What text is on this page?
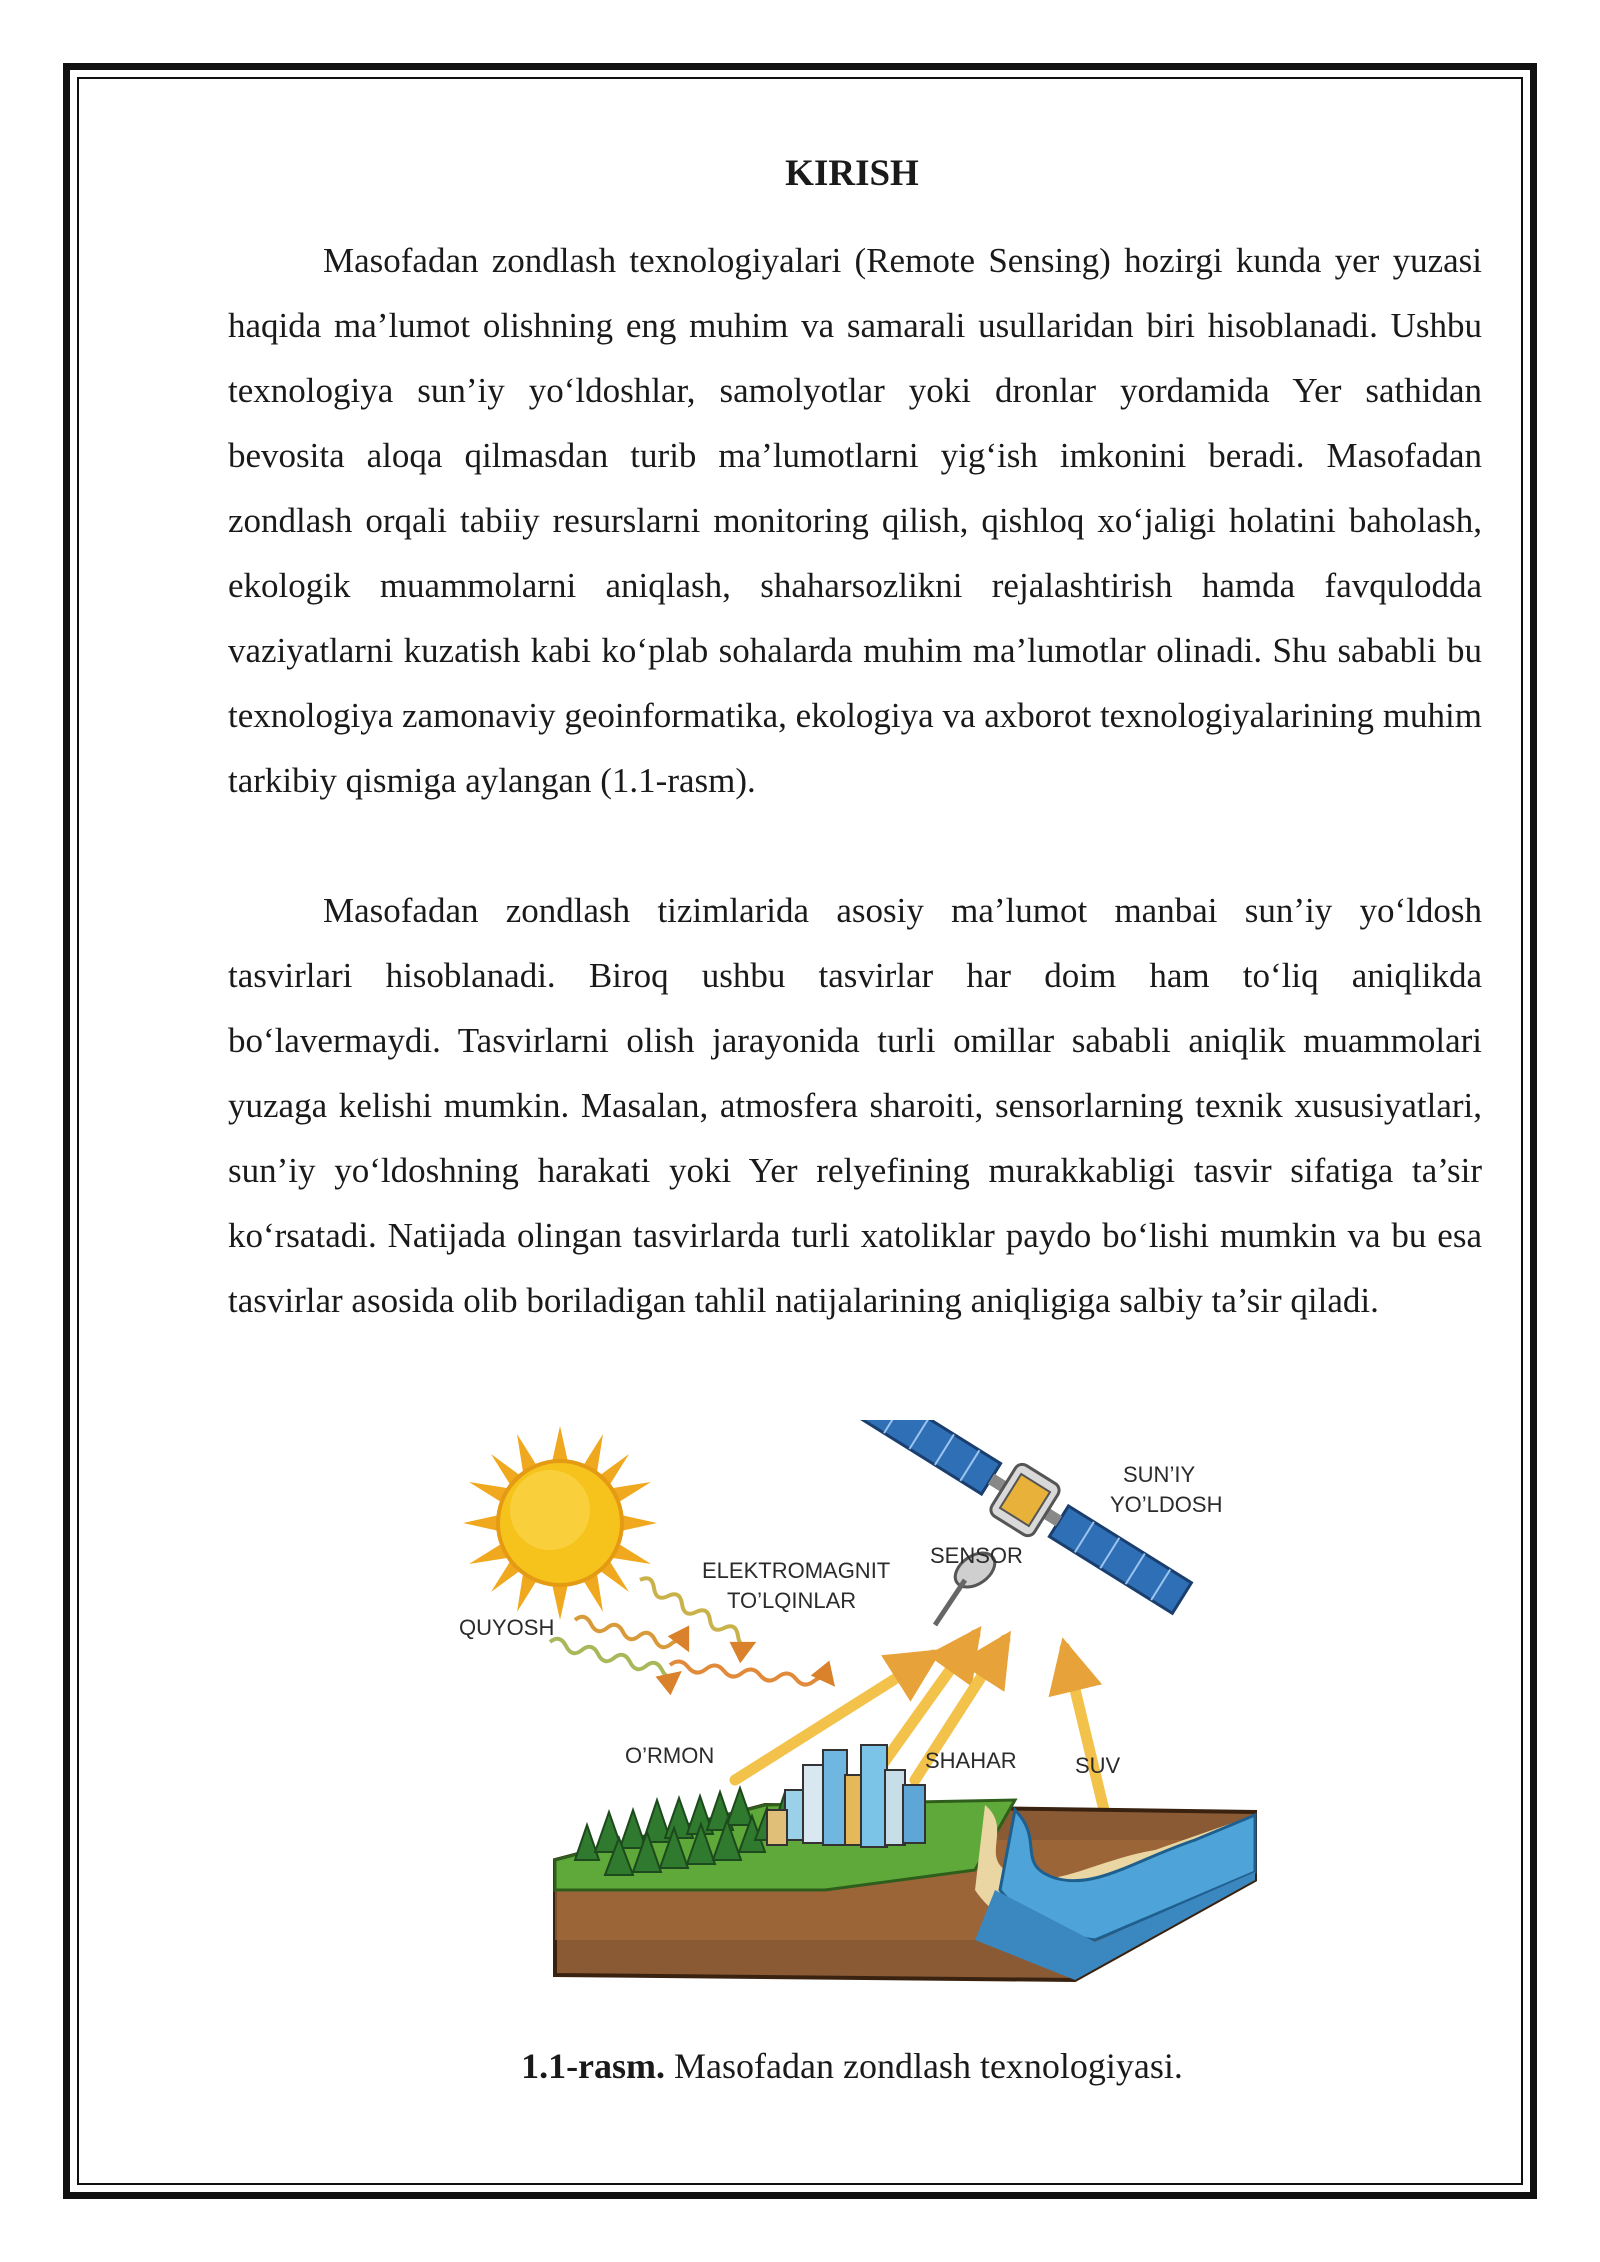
KIRISH

Masofadan zondlash texnologiyalari (Remote Sensing) hozirgi kunda yer yuzasi haqida ma’lumot olishning eng muhim va samarali usullaridan biri hisoblanadi. Ushbu texnologiya sun’iy yo‘ldoshlar, samolyotlar yoki dronlar yordamida Yer sathidan bevosita aloqa qilmasdan turib ma’lumotlarni yig‘ish imkonini beradi. Masofadan zondlash orqali tabiiy resurslarni monitoring qilish, qishloq xo‘jaligi holatini baholash, ekologik muammolarni aniqlash, shaharsozlikni rejalashtirish hamda favqulodda vaziyatlarni kuzatish kabi ko‘plab sohalarda muhim ma’lumotlar olinadi. Shu sababli bu texnologiya zamonaviy geoinformatika, ekologiya va axborot texnologiyalarining muhim tarkibiy qismiga aylangan (1.1-rasm).

Masofadan zondlash tizimlarida asosiy ma’lumot manbai sun’iy yo‘ldosh tasvirlari hisoblanadi. Biroq ushbu tasvirlar har doim ham to‘liq aniqlikda bo‘lavermaydi. Tasvirlarni olish jarayonida turli omillar sababli aniqlik muammolari yuzaga kelishi mumkin. Masalan, atmosfera sharoiti, sensorlarning texnik xususiyatlari, sun’iy yo‘ldoshning harakati yoki Yer relyefining murakkabligi tasvir sifatiga ta’sir ko‘rsatadi. Natijada olingan tasvirlarda turli xatoliklar paydo bo‘lishi mumkin va bu esa tasvirlar asosida olib boriladigan tahlil natijalarining aniqligiga salbiy ta’sir qiladi.

QUYOSH
ELEKTROMAGNIT
TO’LQINLAR
SENSOR
SUN’IY
YO’LDOSH
O’RMON	SHAHAR	SUV
1.1-rasm. Masofadan zondlash texnologiyasi.
